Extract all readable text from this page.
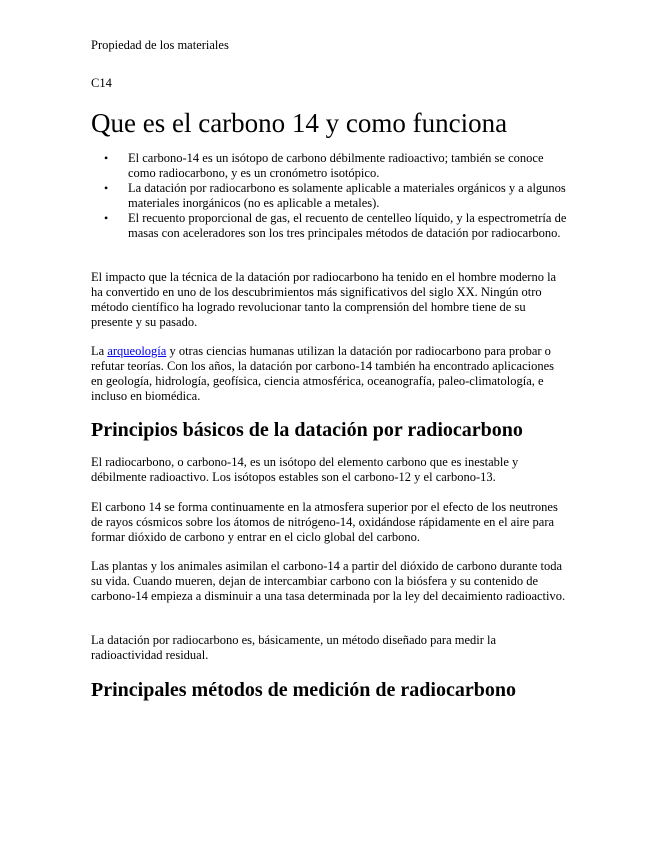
Propiedad de los materiales
C14
Que es el carbono 14 y como funciona
• El carbono-14 es un isótopo de carbono débilmente radioactivo; también se conoce como radiocarbono, y es un cronómetro isotópico.
• La datación por radiocarbono es solamente aplicable a materiales orgánicos y a algunos materiales inorgánicos (no es aplicable a metales).
• El recuento proporcional de gas, el recuento de centelleo líquido, y la espectrometría de masas con aceleradores son los tres principales métodos de datación por radiocarbono.

El impacto que la técnica de la datación por radiocarbono ha tenido en el hombre moderno la ha convertido en uno de los descubrimientos más significativos del siglo XX. Ningún otro método científico ha logrado revolucionar tanto la comprensión del hombre tiene de su presente y su pasado.

La arqueología y otras ciencias humanas utilizan la datación por radiocarbono para probar o refutar teorías. Con los años, la datación por carbono-14 también ha encontrado aplicaciones en geología, hidrología, geofísica, ciencia atmosférica, oceanografía, paleo-climatología, e incluso en biomédica.

Principios básicos de la datación por radiocarbono

El radiocarbono, o carbono-14, es un isótopo del elemento carbono que es inestable y débilmente radioactivo. Los isótopos estables son el carbono-12 y el carbono-13.

El carbono 14 se forma continuamente en la atmosfera superior por el efecto de los neutrones de rayos cósmicos sobre los átomos de nitrógeno-14, oxidándose rápidamente en el aire para formar dióxido de carbono y entrar en el ciclo global del carbono.

Las plantas y los animales asimilan el carbono-14 a partir del dióxido de carbono durante toda su vida. Cuando mueren, dejan de intercambiar carbono con la biósfera y su contenido de carbono-14 empieza a disminuir a una tasa determinada por la ley del decaimiento radioactivo.

La datación por radiocarbono es, básicamente, un método diseñado para medir la radioactividad residual.

Principales métodos de medición de radiocarbono
